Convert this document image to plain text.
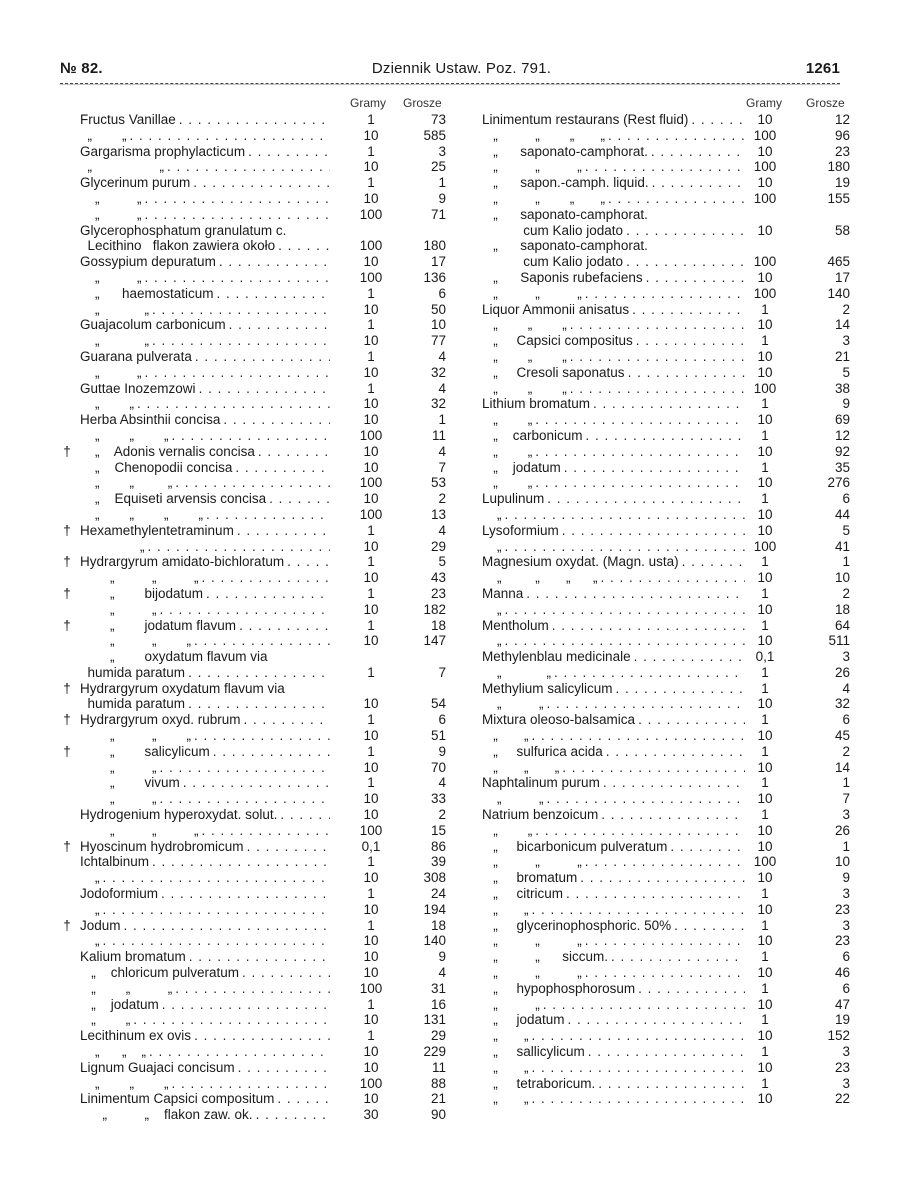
№ 82.	Dziennik Ustaw. Poz. 791.	1261
Gramy Grosze
Fructus Vanillae . . .	1	73
„        „ . . .	10	585
Gargarisma prophylacticum . . .	1	3
„                  „ . . .	10	25
Glycerinum purum . . .	1	1
„          „ . . .	10	9
„          „ . . .	100	71
Glycerophosphatum granulatum c.
Lecithino   flakon zawiera około . . .	100	180
Gossypium depuratum . . .	10	17
„          „ . . .	100	136
„      haemostaticum . . .	1	6
„            „ . . .	10	50
Guajacolum carbonicum . . .	1	10
„            „ . . .	10	77
Guarana pulverata . . .	1	4
„          „ . . .	10	32
Guttae Inozemzowi . . .	1	4
„        „ . . .	10	32
Herba Absinthii concisa . . .	10	1
„        „        „ . . .	100	11
† „    Adonis vernalis concisa . . .	10	4
„    Chenopodii concisa . . .	10	7
„        „         „ . . .	100	53
„    Equiseti arvensis concisa . . .	10	2
„        „        „        „ . . .	100	13
† Hexamethylentetraminum . . .	1	4
„ . . .	10	29
† Hydrargyrum amidato-bichloratum . . .	1	5
„          „          „ . . .	10	43
† „        bijodatum . . .	1	23
„          „ . . .	10	182
† „        jodatum flavum . . .	1	18
„          „        „ . . .	10	147
„        oxydatum flavum via
humida paratum . . .	1	7
† Hydrargyrum oxydatum flavum via
humida paratum . . .	10	54
† Hydrargyrum oxyd. rubrum . . .	1	6
„          „        „ . . .	10	51
† „        salicylicum . . .	1	9
„          „ . . .	10	70
„        vivum . . .	1	4
„          „ . . .	10	33
Hydrogenium hyperoxydat. solut. . . .	10	2
„          „          „ . . .	100	15
† Hyoscinum hydrobromicum . . .	0,1	86
Ichtalbinum . . .	1	39
„ . . .	10	308
Jodoformium . . .	1	24
„ . . .	10	194
† Jodum . . .	1	18
„ . . .	10	140
Kalium bromatum . . .	10	9
„    chloricum pulveratum . . .	10	4
„        „          „ . . .	100	31
„    jodatum . . .	1	16
„        „ . . .	10	131
Lecithinum ex ovis . . .	1	29
„      „    „ . . .	10	229
Lignum Guajaci concisum . . .	10	11
„        „        „ . . .	100	88
Linimentum Capsici compositum . . .	10	21
„          „    flakon zaw. ok. . . .	30	90
Gramy Grosze
Linimentum restaurans (Rest fluid) . . .	10	12
„          „        „       „ . . .	100	96
„      saponato-camphorat. . . .	10	23
„          „          „ . . .	100	180
„      sapon.-camph. liquid. . . .	10	19
„          „        „       „ . . .	100	155
„      saponato-camphorat.
cum Kalio jodato . . .	10	58
„      saponato-camphorat.
cum Kalio jodato . . .	100	465
„      Saponis rubefaciens . . .	10	17
„          „          „ . . .	100	140
Liquor Ammonii anisatus . . .	1	2
„        „        „ . . .	10	14
„     Capsici compositus . . .	1	3
„        „        „ . . .	10	21
„     Cresoli saponatus . . .	10	5
„        „        „ . . .	100	38
Lithium bromatum . . .	1	9
„        „ . . .	10	69
„    carbonicum . . .	1	12
„        „ . . .	10	92
„    jodatum . . .	1	35
„        „ . . .	10	276
Lupulinum . . .	1	6
„ . . .	10	44
Lysoformium . . .	10	5
„ . . .	100	41
Magnesium oxydat. (Magn. usta) . . .	1	1
„         „       „      „ . . .	10	10
Manna . . .	1	2
„ . . .	10	18
Mentholum . . .	1	64
„ . . .	10	511
Methylenblau medicinale . . .	0,1	3
„            „ . . .	1	26
Methylium salicylicum . . .	1	4
„          „ . . .	10	32
Mixtura oleoso-balsamica . . .	1	6
„       „ . . .	10	45
„     sulfurica acida . . .	1	2
„       „       „ . . .	10	14
Naphtalinum purum . . .	1	1
„          „ . . .	10	7
Natrium benzoicum . . .	1	3
„        „ . . .	10	26
„     bicarbonicum pulveratum . . .	10	1
„          „          „ . . .	100	10
„     bromatum . . .	10	9
„     citricum . . .	1	3
„       „ . . .	10	23
„     glycerinophosphoric. 50% . . .	1	3
„          „          „ . . .	10	23
„          „      siccum. . . .	1	6
„          „          „ . . .	10	46
„     hypophosphorosum . . .	1	6
„          „ . . .	10	47
„     jodatum . . .	1	19
„       „ . . .	10	152
„     sallicylicum . . .	1	3
„       „ . . .	10	23
„     tetraboricum. . . .	1	3
„       „ . . .	10	22
